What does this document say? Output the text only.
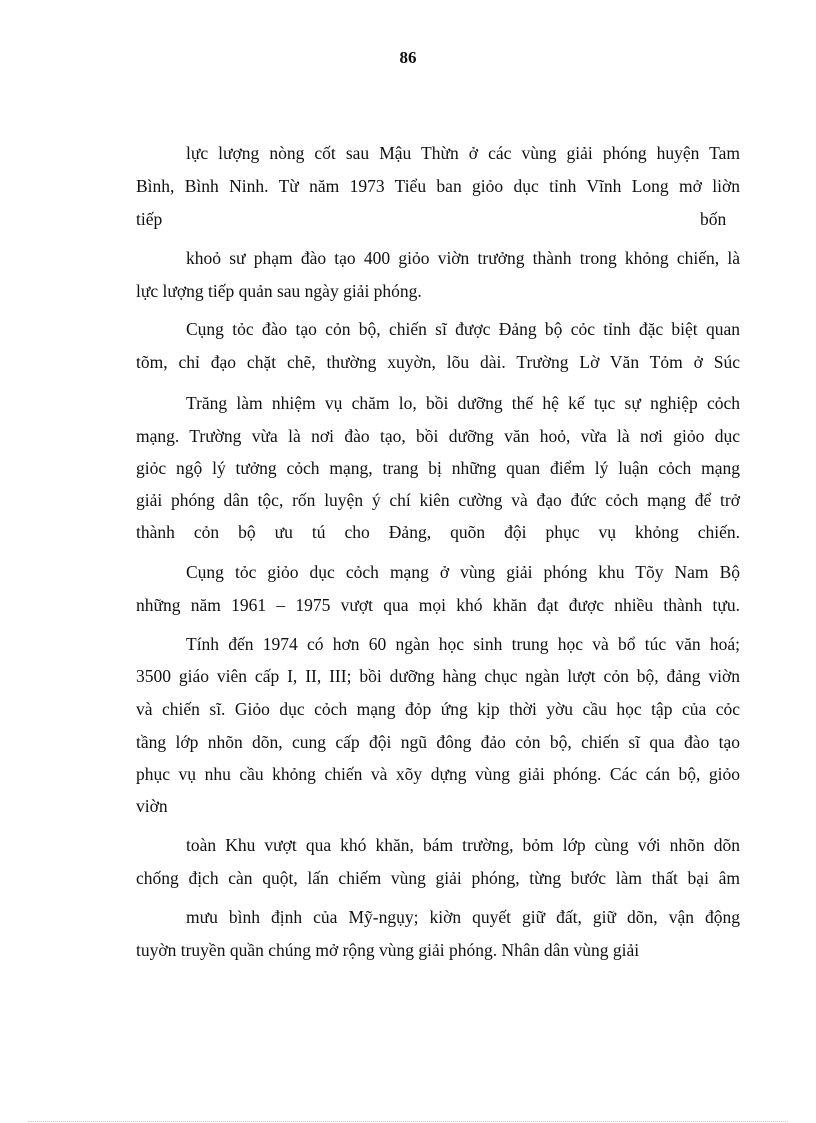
86
lực lượng nòng cốt sau Mậu Thừn ở các vùng giải phóng huyện Tam
Bình, Bình Ninh. Từ năm 1973 Tiểu ban giỏo dục tỉnh Vĩnh Long mở liờn
tiếp	bốn
khoỏ sư phạm đào tạo 400 giỏo viờn trưởng thành trong khỏng chiến, là
lực lượng tiếp quản sau ngày giải phóng.
Cụng tỏc đào tạo cỏn bộ, chiến sĩ được Đảng bộ cỏc tỉnh đặc biệt quan
tõm, chỉ đạo chặt chẽ, thường xuyờn, lõu dài. Trường Lờ Văn Tỏm ở Súc
Trăng làm nhiệm vụ chăm lo, bồi dưỡng thế hệ kế tục sự nghiệp cỏch
mạng. Trường vừa là nơi đào tạo, bồi dưỡng văn hoỏ, vừa là nơi giỏo dục
giỏc ngộ lý tưởng cỏch mạng, trang bị những quan điểm lý luận cỏch mạng
giải phóng dân tộc, rốn luyện ý chí kiên cường và đạo đức cỏch mạng để trở
thành cỏn bộ ưu tú cho Đảng, quõn đội phục vụ khỏng chiến.
Cụng tỏc giỏo dục cỏch mạng ở vùng giải phóng khu Tõy Nam Bộ
những năm 1961 – 1975 vượt qua mọi khó khăn đạt được nhiều thành tựu.
Tính đến 1974 có hơn 60 ngàn học sinh trung học và bổ túc văn hoá;
3500 giáo viên cấp I, II, III; bồi dưỡng hàng chục ngàn lượt cỏn bộ, đảng viờn
và chiến sĩ. Giỏo dục cỏch mạng đỏp ứng kịp thời yờu cầu học tập của cỏc
tầng lớp nhõn dõn, cung cấp đội ngũ đông đảo cỏn bộ, chiến sĩ qua đào tạo
phục vụ nhu cầu khỏng chiến và xõy dựng vùng giải phóng. Các cán bộ, giỏo
viờn
toàn Khu vượt qua khó khăn, bám trường, bỏm lớp cùng với nhõn dõn
chống địch càn quột, lấn chiếm vùng giải phóng, từng bước làm thất bại âm
mưu bình định của Mỹ-ngụy; kiờn quyết giữ đất, giữ dõn, vận động
tuyờn truyền quần chúng mở rộng vùng giải phóng. Nhân dân vùng giải
